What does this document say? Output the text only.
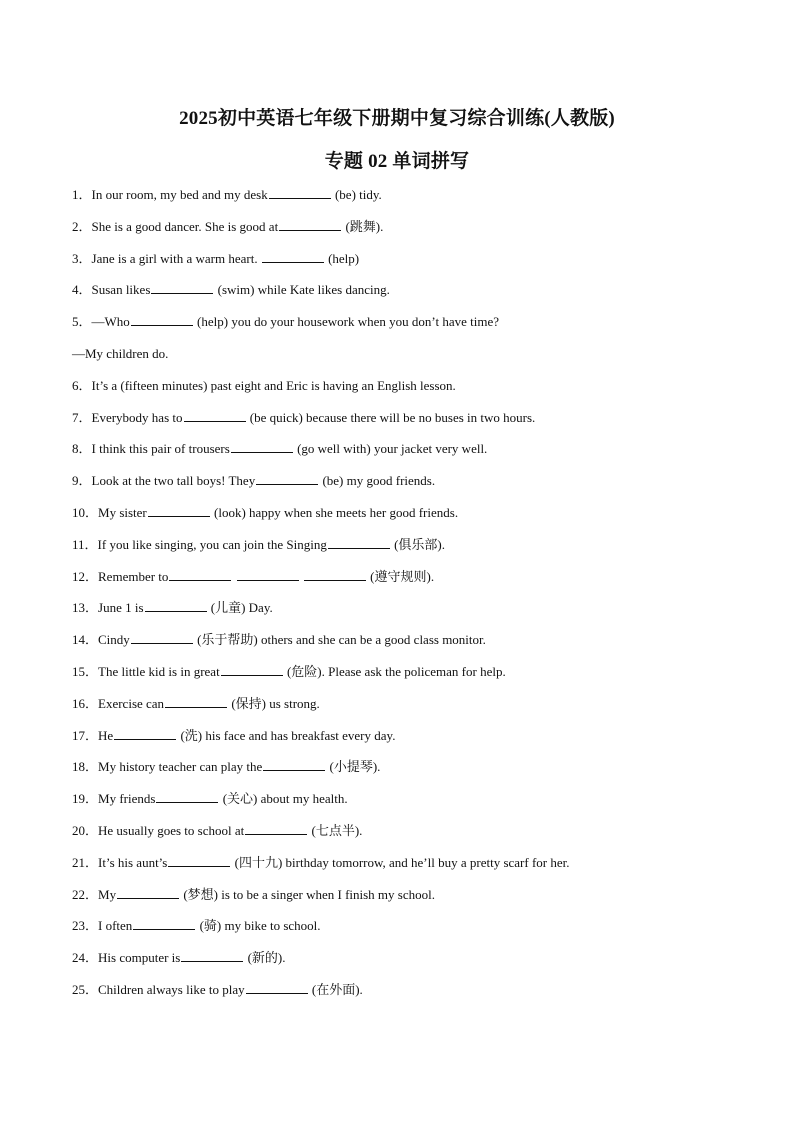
2025初中英语七年级下册期中复习综合训练(人教版)
专题 02 单词拼写
1．In our room, my bed and my desk	(be) tidy.
2．She is a good dancer. She is good at	(跳舞).
3．Jane is a girl with a warm heart.	(help)
4．Susan likes	(swim) while Kate likes dancing.
5．—Who	(help) you do your housework when you don’t have time?
—My children do.
6．It’s a (fifteen minutes) past eight and Eric is having an English lesson.
7．Everybody has to	(be quick) because there will be no buses in two hours.
8．I think this pair of trousers	(go well with) your jacket very well.
9．Look at the two tall boys! They	(be) my good friends.
10．My sister	(look) happy when she meets her good friends.
11．If you like singing, you can join the Singing	(俱乐部).
12．Remember to	(遵守规则).
13．June 1 is	(儿童) Day.
14．Cindy	(乐于帮助) others and she can be a good class monitor.
15．The little kid is in great	(危险). Please ask the policeman for help.
16．Exercise can	(保持) us strong.
17．He	(洗) his face and has breakfast every day.
18．My history teacher can play the	(小提琴).
19．My friends	(关心) about my health.
20．He usually goes to school at	(七点半).
21．It’s his aunt’s	(四十九) birthday tomorrow, and he’ll buy a pretty scarf for her.
22．My	(梦想) is to be a singer when I finish my school.
23．I often	(骑) my bike to school.
24．His computer is	(新的).
25．Children always like to play	(在外面).
